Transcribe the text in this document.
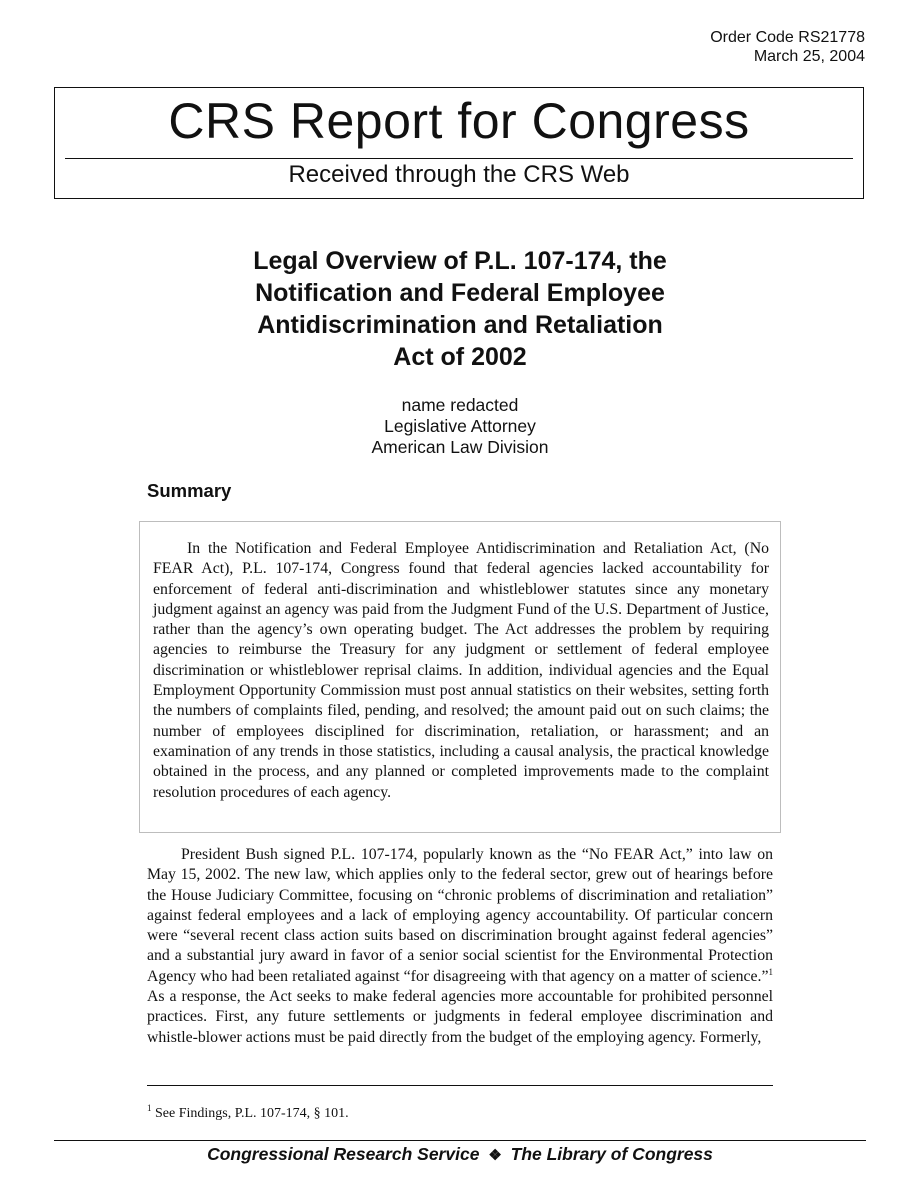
Order Code RS21778
March 25, 2004
CRS Report for Congress
Received through the CRS Web
Legal Overview of P.L. 107-174, the
Notification and Federal Employee
Antidiscrimination and Retaliation
Act of 2002
name redacted
Legislative Attorney
American Law Division
Summary

In the Notification and Federal Employee Antidiscrimination and Retaliation Act, (No FEAR Act), P.L. 107-174, Congress found that federal agencies lacked accountability for enforcement of federal anti-discrimination and whistleblower statutes since any monetary judgment against an agency was paid from the Judgment Fund of the U.S. Department of Justice, rather than the agency’s own operating budget. The Act addresses the problem by requiring agencies to reimburse the Treasury for any judgment or settlement of federal employee discrimination or whistleblower reprisal claims. In addition, individual agencies and the Equal Employment Opportunity Commission must post annual statistics on their websites, setting forth the numbers of complaints filed, pending, and resolved; the amount paid out on such claims; the number of employees disciplined for discrimination, retaliation, or harassment; and an examination of any trends in those statistics, including a causal analysis, the practical knowledge obtained in the process, and any planned or completed improvements made to the complaint resolution procedures of each agency.

President Bush signed P.L. 107-174, popularly known as the “No FEAR Act,” into law on May 15, 2002. The new law, which applies only to the federal sector, grew out of hearings before the House Judiciary Committee, focusing on “chronic problems of discrimination and retaliation” against federal employees and a lack of employing agency accountability. Of particular concern were “several recent class action suits based on discrimination brought against federal agencies” and a substantial jury award in favor of a senior social scientist for the Environmental Protection Agency who had been retaliated against “for disagreeing with that agency on a matter of science.”$^1$ As a response, the Act seeks to make federal agencies more accountable for prohibited personnel practices. First, any future settlements or judgments in federal employee discrimination and whistle-blower actions must be paid directly from the budget of the employing agency. Formerly,

$^1$ See Findings, P.L. 107-174, § 101.
Congressional Research Service ❖ The Library of Congress
